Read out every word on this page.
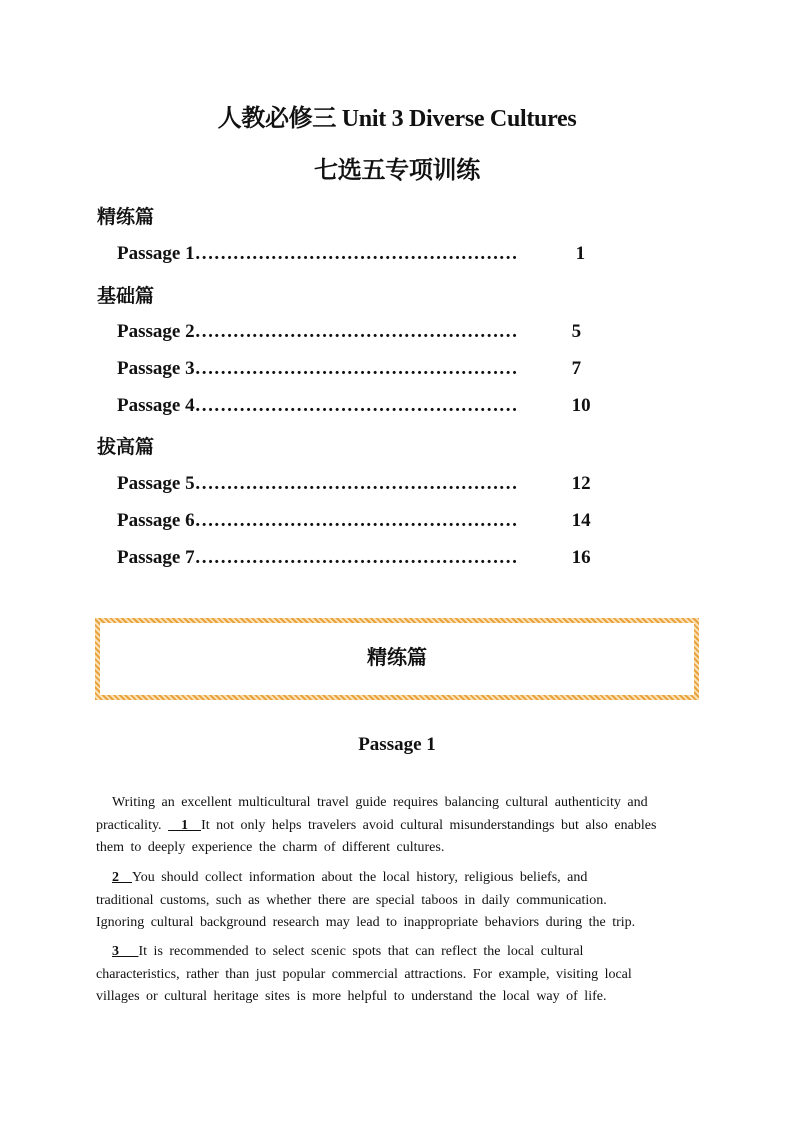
人教必修三 Unit 3 Diverse Cultures
七选五专项训练
精练篇
Passage 1 ……………………………………………	1
基础篇
Passage 2 ……………………………………………	5
Passage 3 ……………………………………………	7
Passage 4 ……………………………………………	10
拔高篇
Passage 5 ……………………………………………	12
Passage 6 ……………………………………………	14
Passage 7 ……………………………………………	16
精练篇
Passage 1
Writing an excellent multicultural travel guide requires balancing cultural authenticity and
practicality.   1  It not only helps travelers avoid cultural misunderstandings but also enables
them to deeply experience the charm of different cultures.
2  You should collect information about the local history, religious beliefs, and
traditional customs, such as whether there are special taboos in daily communication.
Ignoring cultural background research may lead to inappropriate behaviors during the trip.
3   It is recommended to select scenic spots that can reflect the local cultural
characteristics, rather than just popular commercial attractions. For example, visiting local
villages or cultural heritage sites is more helpful to understand the local way of life.
